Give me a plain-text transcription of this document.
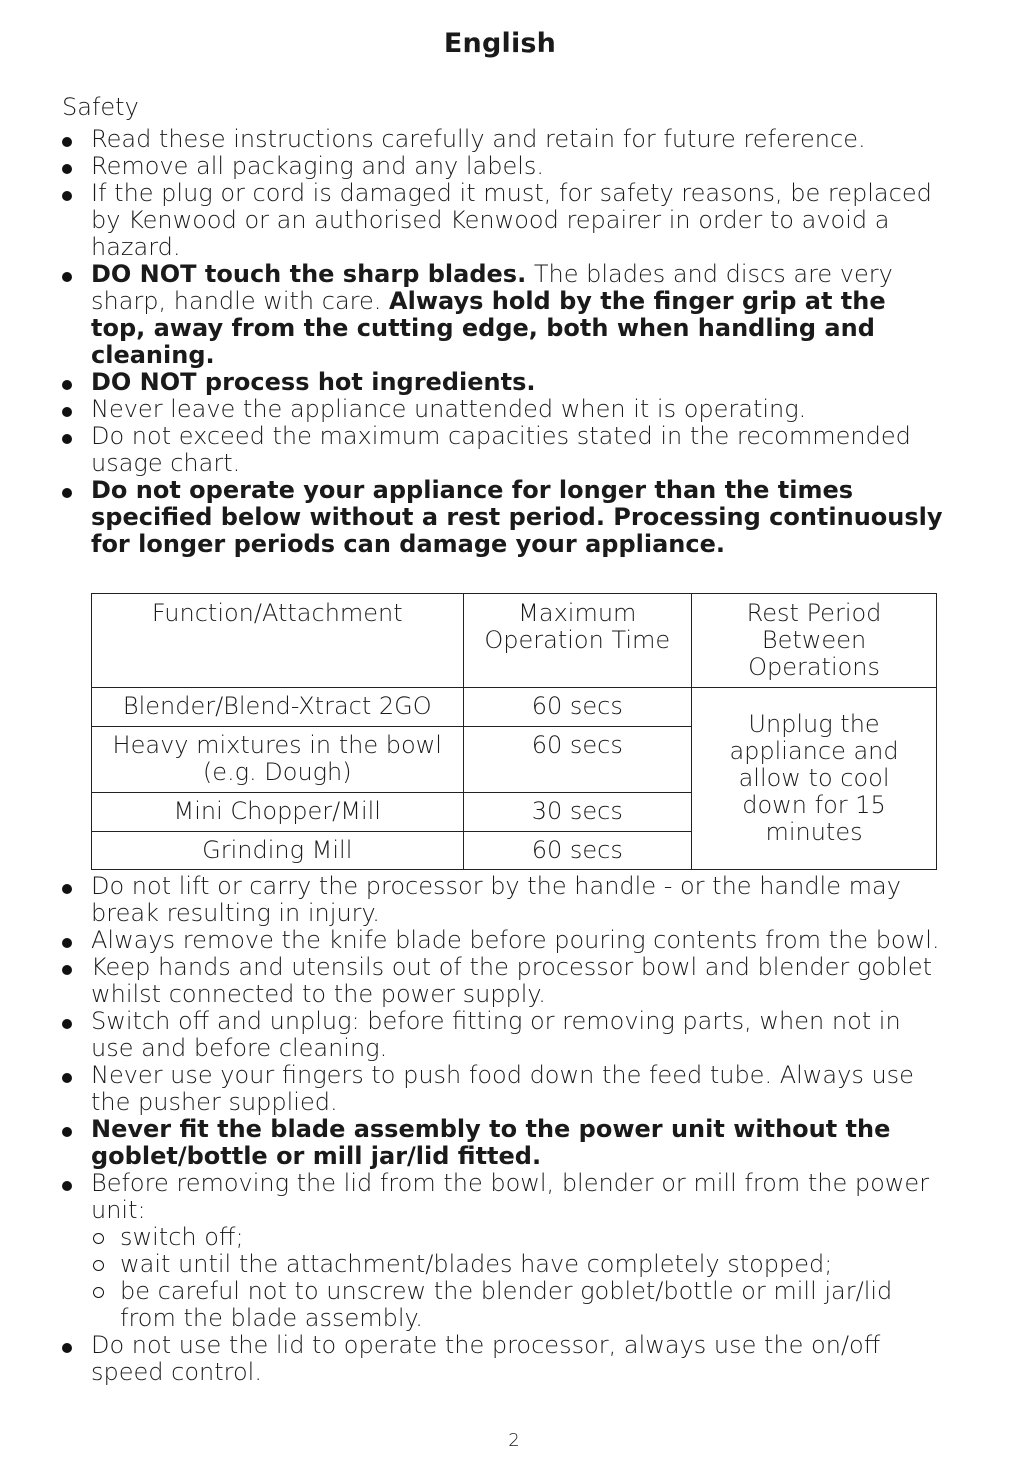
English
Safety
Read these instructions carefully and retain for future reference.
Remove all packaging and any labels.
If the plug or cord is damaged it must, for safety reasons, be replaced by Kenwood or an authorised Kenwood repairer in order to avoid a hazard.
DO NOT touch the sharp blades. The blades and discs are very sharp, handle with care. Always hold by the finger grip at the top, away from the cutting edge, both when handling and cleaning.
DO NOT process hot ingredients.
Never leave the appliance unattended when it is operating.
Do not exceed the maximum capacities stated in the recommended usage chart.
Do not operate your appliance for longer than the times specified below without a rest period. Processing continuously for longer periods can damage your appliance.
Function/Attachment	Maximum Operation Time	Rest Period Between Operations
Blender/Blend-Xtract 2GO	60 secs	Unplug the appliance and allow to cool down for 15 minutes
Heavy mixtures in the bowl (e.g. Dough)	60 secs	
Mini Chopper/Mill	30 secs	
Grinding Mill	60 secs	
Do not lift or carry the processor by the handle - or the handle may break resulting in injury.
Always remove the knife blade before pouring contents from the bowl.
Keep hands and utensils out of the processor bowl and blender goblet whilst connected to the power supply.
Switch off and unplug: before fitting or removing parts, when not in use and before cleaning.
Never use your fingers to push food down the feed tube. Always use the pusher supplied.
Never fit the blade assembly to the power unit without the goblet/bottle or mill jar/lid fitted.
Before removing the lid from the bowl, blender or mill from the power unit:
switch off;
wait until the attachment/blades have completely stopped;
be careful not to unscrew the blender goblet/bottle or mill jar/lid from the blade assembly.
Do not use the lid to operate the processor, always use the on/off speed control.
2
